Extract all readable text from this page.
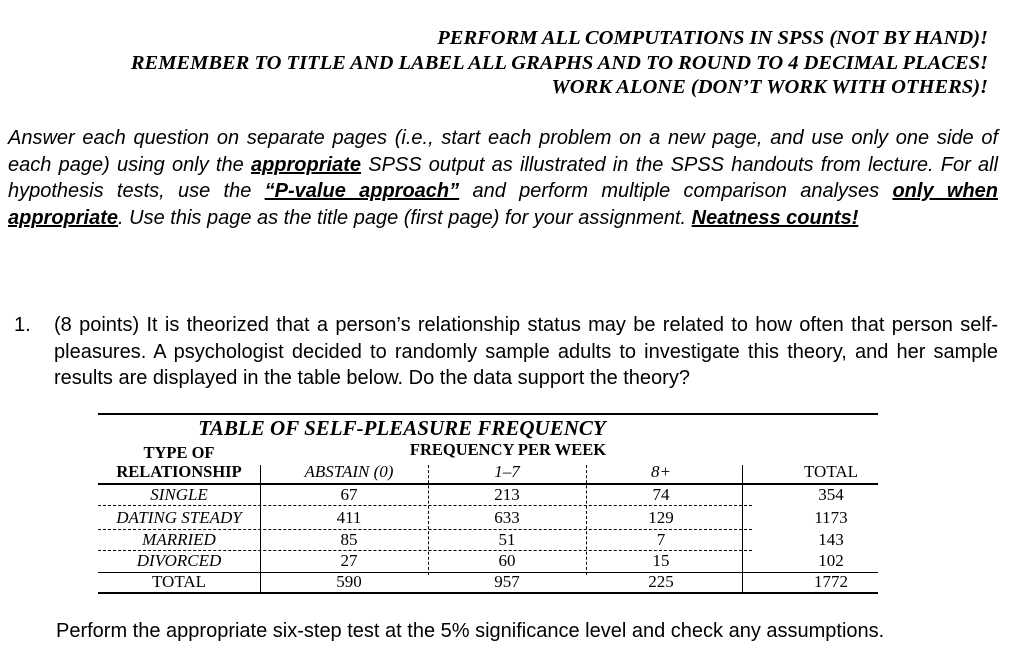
PERFORM ALL COMPUTATIONS IN SPSS (NOT BY HAND)!
REMEMBER TO TITLE AND LABEL ALL GRAPHS AND TO ROUND TO 4 DECIMAL PLACES!
WORK ALONE (DON’T WORK WITH OTHERS)!
Answer each question on separate pages (i.e., start each problem on a new page, and use only one side of each page) using only the appropriate SPSS output as illustrated in the SPSS handouts from lecture. For all hypothesis tests, use the “P-value approach” and perform multiple comparison analyses only when appropriate. Use this page as the title page (first page) for your assignment. Neatness counts!
1. (8 points) It is theorized that a person’s relationship status may be related to how often that person self-pleasures. A psychologist decided to randomly sample adults to investigate this theory, and her sample results are displayed in the table below. Do the data support the theory?
TABLE OF SELF-PLEASURE FREQUENCY
FREQUENCY PER WEEK
TYPE OF
RELATIONSHIP	ABSTAIN (0)	1–7	8+	TOTAL
SINGLE	67	213	74	354
DATING STEADY	411	633	129	1173
MARRIED	85	51	7	143
DIVORCED	27	60	15	102
TOTAL	590	957	225	1772
Perform the appropriate six-step test at the 5% significance level and check any assumptions.
